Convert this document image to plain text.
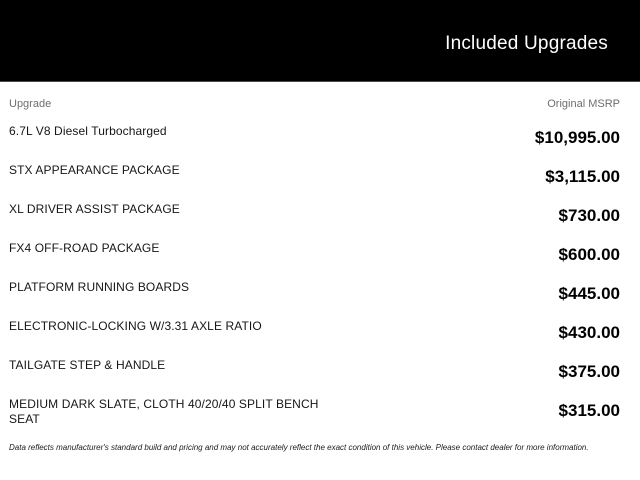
Included Upgrades
Upgrade	Original MSRP
6.7L V8 Diesel Turbocharged	$10,995.00
STX APPEARANCE PACKAGE	$3,115.00
XL DRIVER ASSIST PACKAGE	$730.00
FX4 OFF-ROAD PACKAGE	$600.00
PLATFORM RUNNING BOARDS	$445.00
ELECTRONIC-LOCKING W/3.31 AXLE RATIO	$430.00
TAILGATE STEP & HANDLE	$375.00
MEDIUM DARK SLATE, CLOTH 40/20/40 SPLIT BENCH SEAT	$315.00
Data reflects manufacturer's standard build and pricing and may not accurately reflect the exact condition of this vehicle. Please contact dealer for more information.
